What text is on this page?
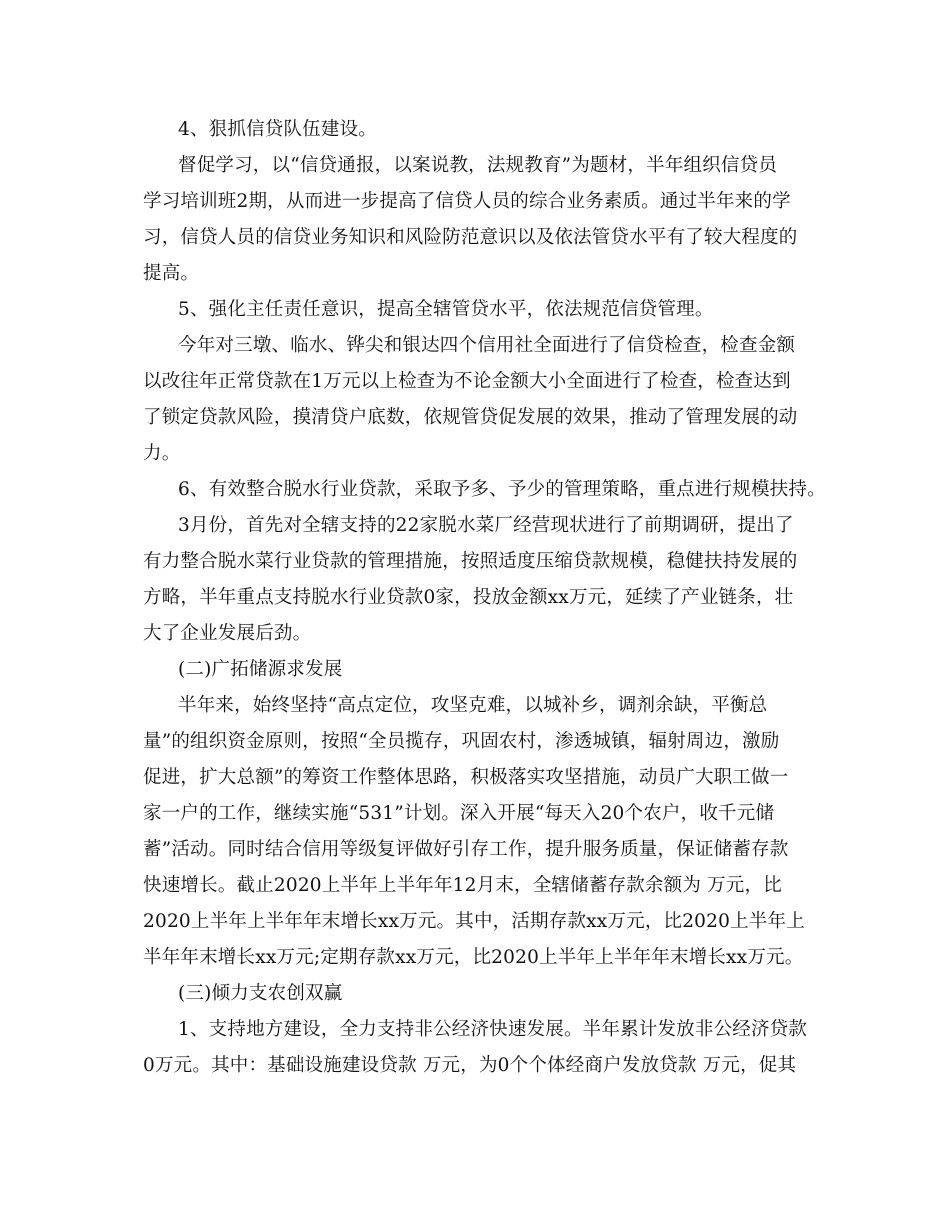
4、狠抓信贷队伍建设。
督促学习，以“信贷通报，以案说教，法规教育”为题材，半年组织信贷员
学习培训班2期，从而进一步提高了信贷人员的综合业务素质。通过半年来的学
习，信贷人员的信贷业务知识和风险防范意识以及依法管贷水平有了较大程度的
提高。
5、强化主任责任意识，提高全辖管贷水平，依法规范信贷管理。
今年对三墩、临水、铧尖和银达四个信用社全面进行了信贷检查，检查金额
以改往年正常贷款在1万元以上检查为不论金额大小全面进行了检查，检查达到
了锁定贷款风险，摸清贷户底数，依规管贷促发展的效果，推动了管理发展的动
力。
6、有效整合脱水行业贷款，采取予多、予少的管理策略，重点进行规模扶持。
3月份，首先对全辖支持的22家脱水菜厂经营现状进行了前期调研，提出了
有力整合脱水菜行业贷款的管理措施，按照适度压缩贷款规模，稳健扶持发展的
方略，半年重点支持脱水行业贷款0家，投放金额xx万元，延续了产业链条，壮
大了企业发展后劲。
(二)广拓储源求发展
半年来，始终坚持“高点定位，攻坚克难，以城补乡，调剂余缺，平衡总
量”的组织资金原则，按照“全员揽存，巩固农村，渗透城镇，辐射周边，激励
促进，扩大总额”的筹资工作整体思路，积极落实攻坚措施，动员广大职工做一
家一户的工作，继续实施“531”计划。深入开展“每天入20个农户，收千元储
蓄”活动。同时结合信用等级复评做好引存工作，提升服务质量，保证储蓄存款
快速增长。截止2020上半年上半年年12月末，全辖储蓄存款余额为 万元，比
2020上半年上半年年末增长xx万元。其中，活期存款xx万元，比2020上半年上
半年年末增长xx万元;定期存款xx万元，比2020上半年上半年年末增长xx万元。
(三)倾力支农创双赢
1、支持地方建设，全力支持非公经济快速发展。半年累计发放非公经济贷款
0万元。其中：基础设施建设贷款 万元，为0个个体经商户发放贷款 万元，促其
